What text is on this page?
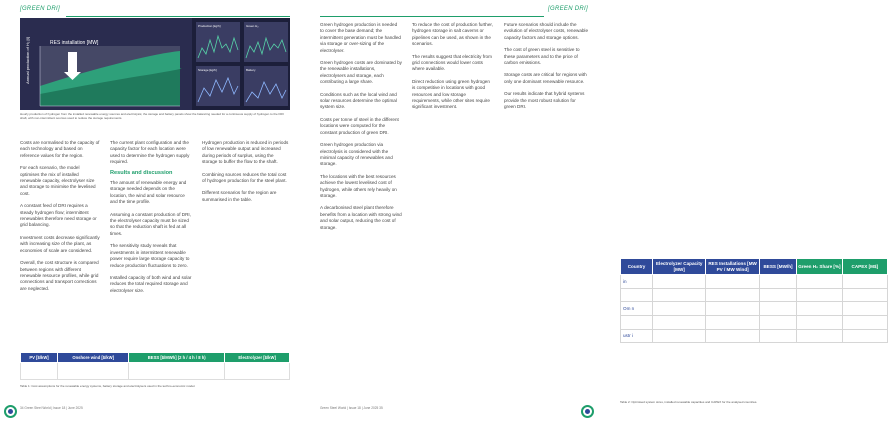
[GREEN DRI]
RES installation [MW]
Annual production of H₂ [t]
Production [kg/h]	Green H₂
Storage [kg/h]	Battery
Hourly production of hydrogen from the installed renewable energy sources and electrolysis; the storage and battery panels show the balancing needed for a continuous supply of hydrogen to the DRI shaft, with non-intermittent sources used to reduce the storage requirements.

Costs are normalised to the capacity of each technology and based on reference values for the region.

For each scenario, the model optimises the mix of installed renewable capacity, electrolyser size and storage to minimise the levelised cost.

A constant feed of DRI requires a steady hydrogen flow; intermittent renewables therefore need storage or grid balancing.

Investment costs decrease significantly with increasing size of the plant, as economies of scale are considered.

Overall, the cost structure is compared between regions with different renewable resource profiles, while grid connections and transport corrections are neglected.

The current plant configuration and the capacity factor for each location were used to determine the hydrogen supply required.

Results and discussion

The amount of renewable energy and storage needed depends on the location, the wind and solar resource and the time profile.

Assuming a constant production of DRI, the electrolyser capacity must be sized so that the reduction shaft is fed at all times.

The sensitivity study reveals that investments in intermittent renewable power require large storage capacity to reduce production fluctuations to zero.

Installed capacity of both wind and solar reduces the total required storage and electrolyser size.

Hydrogen production is reduced in periods of low renewable output and increased during periods of surplus, using the storage to buffer the flow to the shaft.

Combining sources reduces the total cost of hydrogen production for the steel plant.

Different scenarios for the region are summarised in the table.

PV [$/kW]	Onshore wind [$/kW]	BESS [$/MWh] (2 h / 4 h / 8 h)	Electrolyzer [$/kW]

Table 1: Cost assumptions for the renewable energy systems, battery storage and electrolysers used in the techno-economic model.
34 Green Steel World | Issue 18 | June 2025
[GREEN DRI]

Green hydrogen production is needed to cover the base demand; the intermittent generation must be handled via storage or over-sizing of the electrolyser.

Green hydrogen costs are dominated by the renewable installations, electrolysers and storage, each contributing a large share.

Conditions such as the local wind and solar resources determine the optimal system size.

Costs per tonne of steel in the different locations were computed for the constant production of green DRI.

Green hydrogen production via electrolysis is considered with the minimal capacity of renewables and storage.

The locations with the best resources achieve the lowest levelised cost of hydrogen, while others rely heavily on storage.

A decarbonised steel plant therefore benefits from a location with strong wind and solar output, reducing the cost of storage.

To reduce the cost of production further, hydrogen storage in salt caverns or pipelines can be used, as shown in the scenarios.

The results suggest that electricity from grid connections would lower costs where available.

Direct reduction using green hydrogen is competitive in locations with good resources and low storage requirements, while other sites require significant investment.

Future scenarios should include the evolution of electrolyser costs, renewable capacity factors and storage options.

The cost of green steel is sensitive to these parameters and to the price of carbon emissions.

Storage costs are critical for regions with only one dominant renewable resource.

Our results indicate that hybrid systems provide the most robust solution for green DRI.

Country	Electrolyzer Capacity [MW]	RES Installations [MW PV / MW Wind]	BESS [MW/h]	Green H₂ Share [%]	CAPEX [M$]
in					

Om n					

ustr i					
Table 2: Optimised system sizes, installed renewable capacities and CAPEX for the analysed countries.
Green Steel World | Issue 18 | June 2025 35
